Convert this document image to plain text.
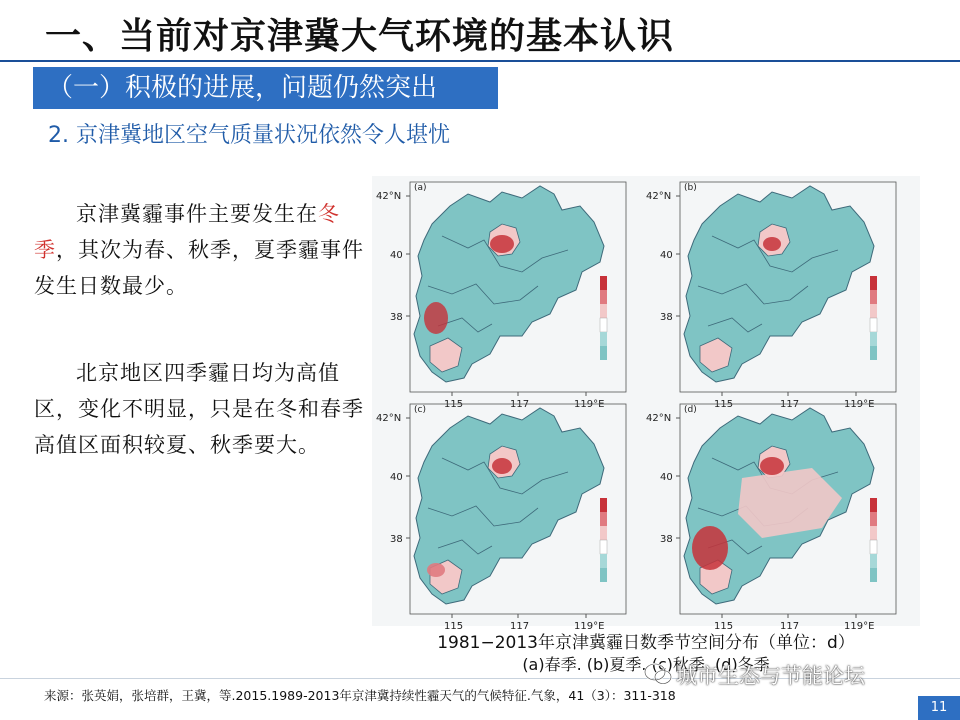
一、当前对京津冀大气环境的基本认识
（一）积极的进展，问题仍然突出
2. 京津冀地区空气质量状况依然令人堪忧
京津冀霾事件主要发生在冬季，其次为春、秋季，夏季霾事件发生日数最少。
北京地区四季霾日均为高值区，变化不明显，只是在冬和春季高值区面积较夏、秋季要大。
(a)
42°N
40
38
115	117	119°E
(b)
42°N
40
38
115	117	119°E
(c)
42°N
40
38
115	117	119°E
(d)
42°N
40
38
115	117	119°E
1981−2013年京津冀霾日数季节空间分布（单位：d）
(a)春季. (b)夏季. (c)秋季. (d)冬季
来源：张英娟，张培群，王冀，等.2015.1989-2013年京津冀持续性霾天气的气候特征.气象，41（3）：311-318
城市生态与节能论坛
11
